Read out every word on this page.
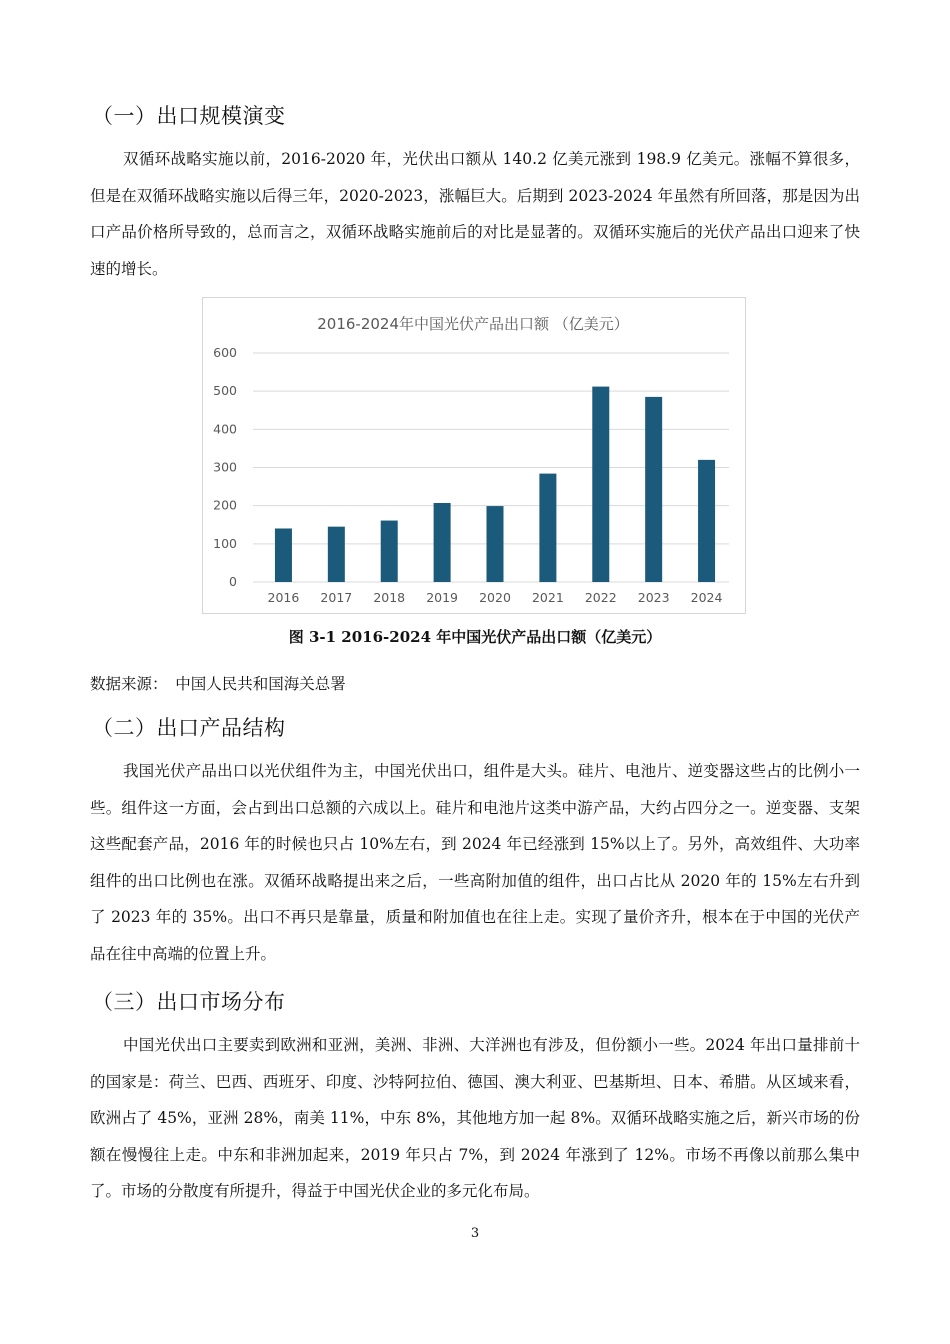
（一）出口规模演变

双循环战略实施以前，2016-2020 年，光伏出口额从 140.2 亿美元涨到 198.9 亿美元。涨幅不算很多，但是在双循环战略实施以后得三年，2020-2023，涨幅巨大。后期到 2023-2024 年虽然有所回落，那是因为出口产品价格所导致的，总而言之，双循环战略实施前后的对比是显著的。双循环实施后的光伏产品出口迎来了快速的增长。

2016-2024年中国光伏产品出口额 （亿美元）
0
100
200
300
400
500
600
2016 2017 2018 2019 2020 2021 2022 2023 2024

图 3-1 2016-2024 年中国光伏产品出口额（亿美元）

数据来源：　中国人民共和国海关总署

（二）出口产品结构

我国光伏产品出口以光伏组件为主，中国光伏出口，组件是大头。硅片、电池片、逆变器这些占的比例小一些。组件这一方面，会占到出口总额的六成以上。硅片和电池片这类中游产品，大约占四分之一。逆变器、支架这些配套产品，2016 年的时候也只占 10%左右，到 2024 年已经涨到 15%以上了。另外，高效组件、大功率组件的出口比例也在涨。双循环战略提出来之后，一些高附加值的组件，出口占比从 2020 年的 15%左右升到了 2023 年的 35%。出口不再只是靠量，质量和附加值也在往上走。实现了量价齐升，根本在于中国的光伏产品在往中高端的位置上升。

（三）出口市场分布

中国光伏出口主要卖到欧洲和亚洲，美洲、非洲、大洋洲也有涉及，但份额小一些。2024 年出口量排前十的国家是：荷兰、巴西、西班牙、印度、沙特阿拉伯、德国、澳大利亚、巴基斯坦、日本、希腊。从区域来看，欧洲占了 45%，亚洲 28%，南美 11%，中东 8%，其他地方加一起 8%。双循环战略实施之后，新兴市场的份额在慢慢往上走。中东和非洲加起来，2019 年只占 7%，到 2024 年涨到了 12%。市场不再像以前那么集中了。市场的分散度有所提升，得益于中国光伏企业的多元化布局。

3
